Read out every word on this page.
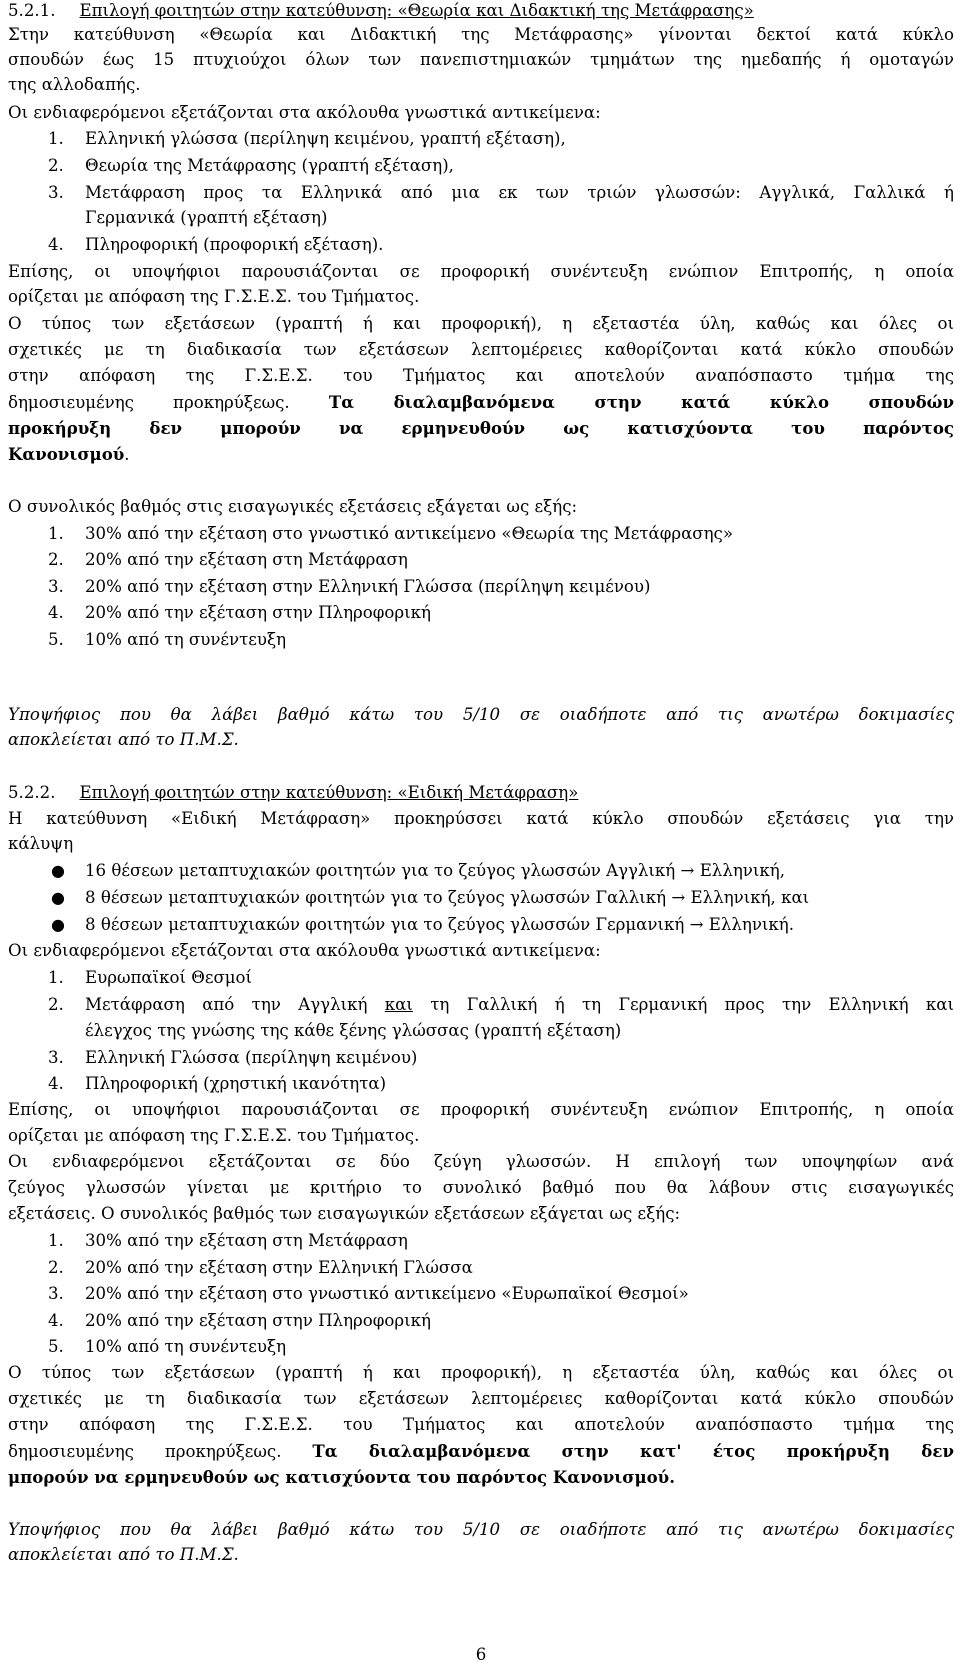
5.2.1. Επιλογή φοιτητών στην κατεύθυνση: «Θεωρία και Διδακτική της Μετάφρασης»
Στην κατεύθυνση «Θεωρία και Διδακτική της Μετάφρασης» γίνονται δεκτοί κατά κύκλο
σπουδών έως 15 πτυχιούχοι όλων των πανεπιστημιακών τμημάτων της ημεδαπής ή ομοταγών
της αλλοδαπής.
Οι ενδιαφερόμενοι εξετάζονται στα ακόλουθα γνωστικά αντικείμενα:
1. Ελληνική γλώσσα (περίληψη κειμένου, γραπτή εξέταση),
2. Θεωρία της Μετάφρασης (γραπτή εξέταση),
3. Μετάφραση προς τα Ελληνικά από μια εκ των τριών γλωσσών: Αγγλικά, Γαλλικά ή
Γερμανικά (γραπτή εξέταση)
4. Πληροφορική (προφορική εξέταση).
Επίσης, οι υποψήφιοι παρουσιάζονται σε προφορική συνέντευξη ενώπιον Επιτροπής, η οποία
ορίζεται με απόφαση της Γ.Σ.Ε.Σ. του Τμήματος.
Ο τύπος των εξετάσεων (γραπτή ή και προφορική), η εξεταστέα ύλη, καθώς και όλες οι
σχετικές με τη διαδικασία των εξετάσεων λεπτομέρειες καθορίζονται κατά κύκλο σπουδών
στην απόφαση της Γ.Σ.Ε.Σ. του Τμήματος και αποτελούν αναπόσπαστο τμήμα της
δημοσιευμένης προκηρύξεως. Τα διαλαμβανόμενα στην κατά κύκλο σπουδών
προκήρυξη δεν μπορούν να ερμηνευθούν ως κατισχύοντα του παρόντος
Κανονισμού.
Ο συνολικός βαθμός στις εισαγωγικές εξετάσεις εξάγεται ως εξής:
1. 30% από την εξέταση στο γνωστικό αντικείμενο «Θεωρία της Μετάφρασης»
2. 20% από την εξέταση στη Μετάφραση
3. 20% από την εξέταση στην Ελληνική Γλώσσα (περίληψη κειμένου)
4. 20% από την εξέταση στην Πληροφορική
5. 10% από τη συνέντευξη
Υποψήφιος που θα λάβει βαθμό κάτω του 5/10 σε οιαδήποτε από τις ανωτέρω δοκιμασίες
αποκλείεται από το Π.Μ.Σ.
5.2.2. Επιλογή φοιτητών στην κατεύθυνση: «Ειδική Μετάφραση»
Η κατεύθυνση «Ειδική Μετάφραση» προκηρύσσει κατά κύκλο σπουδών εξετάσεις για την
κάλυψη
● 16 θέσεων μεταπτυχιακών φοιτητών για το ζεύγος γλωσσών Αγγλική → Ελληνική,
● 8 θέσεων μεταπτυχιακών φοιτητών για το ζεύγος γλωσσών Γαλλική → Ελληνική, και
● 8 θέσεων μεταπτυχιακών φοιτητών για το ζεύγος γλωσσών Γερμανική → Ελληνική.
Οι ενδιαφερόμενοι εξετάζονται στα ακόλουθα γνωστικά αντικείμενα:
1. Ευρωπαϊκοί Θεσμοί
2. Μετάφραση από την Αγγλική και τη Γαλλική ή τη Γερμανική προς την Ελληνική και
έλεγχος της γνώσης της κάθε ξένης γλώσσας (γραπτή εξέταση)
3. Ελληνική Γλώσσα (περίληψη κειμένου)
4. Πληροφορική (χρηστική ικανότητα)
Επίσης, οι υποψήφιοι παρουσιάζονται σε προφορική συνέντευξη ενώπιον Επιτροπής, η οποία
ορίζεται με απόφαση της Γ.Σ.Ε.Σ. του Τμήματος.
Οι ενδιαφερόμενοι εξετάζονται σε δύο ζεύγη γλωσσών. Η επιλογή των υποψηφίων ανά
ζεύγος γλωσσών γίνεται με κριτήριο το συνολικό βαθμό που θα λάβουν στις εισαγωγικές
εξετάσεις. Ο συνολικός βαθμός των εισαγωγικών εξετάσεων εξάγεται ως εξής:
1. 30% από την εξέταση στη Μετάφραση
2. 20% από την εξέταση στην Ελληνική Γλώσσα
3. 20% από την εξέταση στο γνωστικό αντικείμενο «Ευρωπαϊκοί Θεσμοί»
4. 20% από την εξέταση στην Πληροφορική
5. 10% από τη συνέντευξη
Ο τύπος των εξετάσεων (γραπτή ή και προφορική), η εξεταστέα ύλη, καθώς και όλες οι
σχετικές με τη διαδικασία των εξετάσεων λεπτομέρειες καθορίζονται κατά κύκλο σπουδών
στην απόφαση της Γ.Σ.Ε.Σ. του Τμήματος και αποτελούν αναπόσπαστο τμήμα της
δημοσιευμένης προκηρύξεως. Τα διαλαμβανόμενα στην κατ' έτος προκήρυξη δεν
μπορούν να ερμηνευθούν ως κατισχύοντα του παρόντος Κανονισμού.
Υποψήφιος που θα λάβει βαθμό κάτω του 5/10 σε οιαδήποτε από τις ανωτέρω δοκιμασίες
αποκλείεται από το Π.Μ.Σ.
6
